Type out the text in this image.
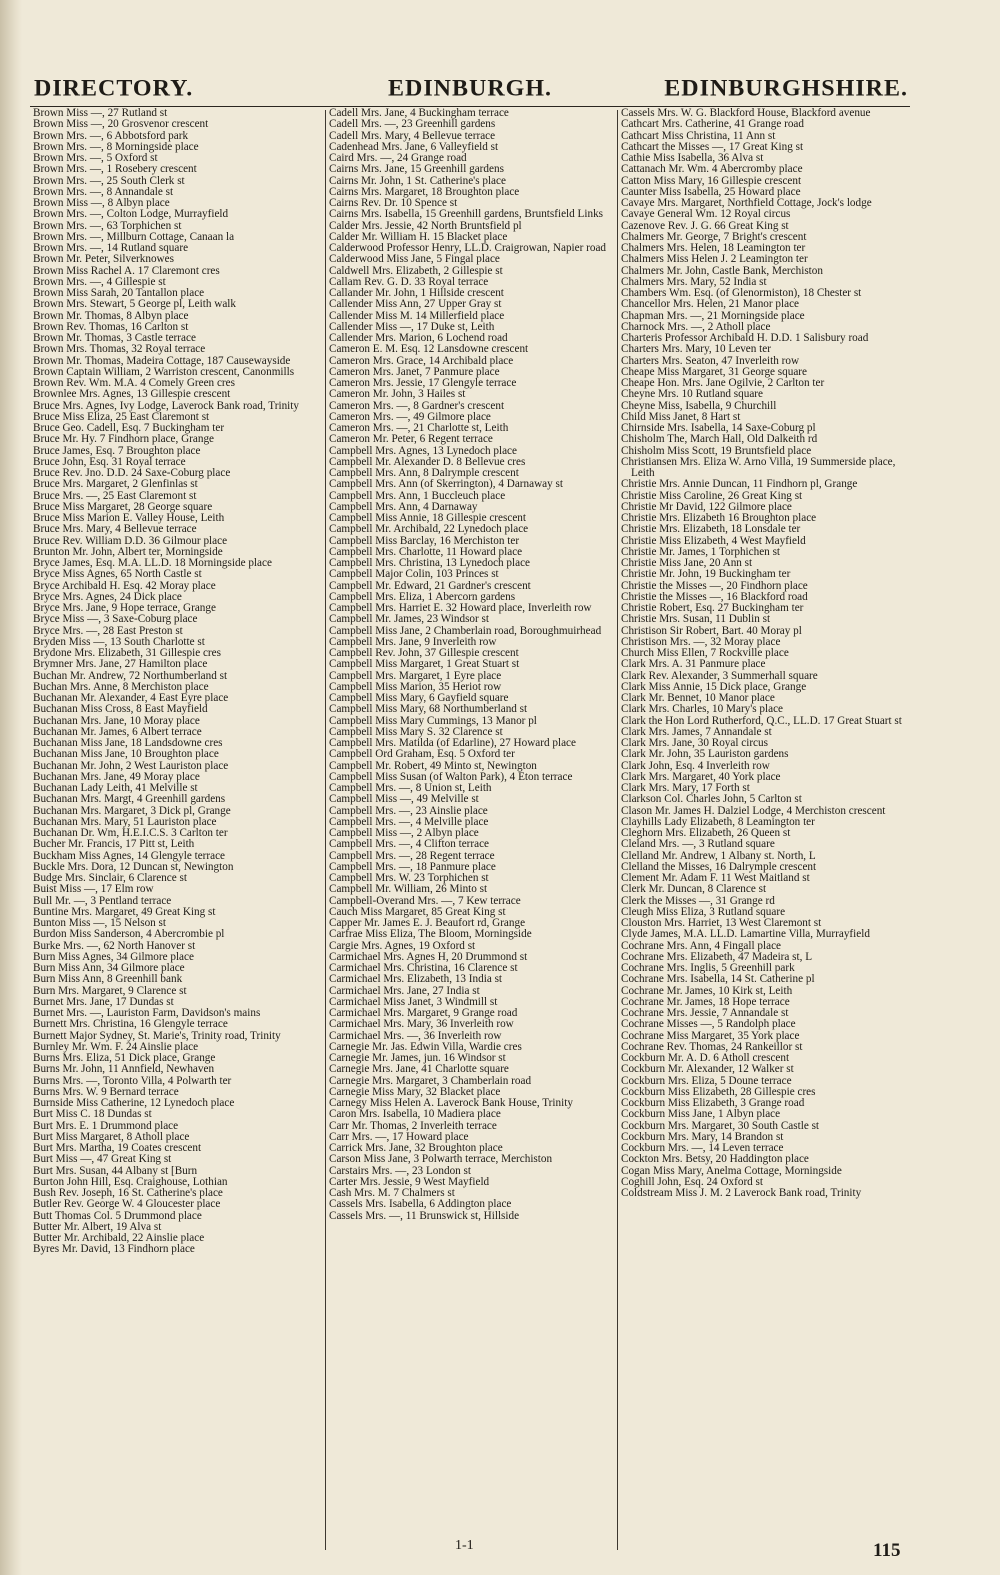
DIRECTORY.	EDINBURGH.	EDINBURGHSHIRE.
Brown Miss —, 27 Rutland st
Brown Miss —, 20 Grosvenor crescent
Brown Mrs. —, 6 Abbotsford park
Brown Mrs. —, 8 Morningside place
Brown Mrs. —, 5 Oxford st
Brown Mrs. —, 1 Rosebery crescent
Brown Mrs. —, 25 South Clerk st
Brown Mrs. —, 8 Annandale st
Brown Miss —, 8 Albyn place
Brown Mrs. —, Colton Lodge, Murrayfield
Brown Mrs. —, 63 Torphichen st
Brown Mrs. —, Millburn Cottage, Canaan la
Brown Mrs. —, 14 Rutland square
Brown Mr. Peter, Silverknowes
Brown Miss Rachel A. 17 Claremont cres
Brown Mrs. —, 4 Gillespie st
Brown Miss Sarah, 20 Tantallon place
Brown Mrs. Stewart, 5 George pl, Leith walk
Brown Mr. Thomas, 8 Albyn place
Brown Rev. Thomas, 16 Carlton st
Brown Mr. Thomas, 3 Castle terrace
Brown Mrs. Thomas, 32 Royal terrace
Brown Mr. Thomas, Madeira Cottage, 187 Causewayside
Brown Captain William, 2 Warriston crescent, Canonmills
Brown Rev. Wm. M.A. 4 Comely Green cres
Brownlee Mrs. Agnes, 13 Gillespie crescent
Bruce Mrs. Agnes, Ivy Lodge, Laverock Bank road, Trinity
Bruce Miss Eliza, 25 East Claremont st
Bruce Geo. Cadell, Esq. 7 Buckingham ter
Bruce Mr. Hy. 7 Findhorn place, Grange
Bruce James, Esq. 7 Broughton place
Bruce John, Esq. 31 Royal terrace
Bruce Rev. Jno. D.D. 24 Saxe-Coburg place
Bruce Mrs. Margaret, 2 Glenfinlas st
Bruce Mrs. —, 25 East Claremont st
Bruce Miss Margaret, 28 George square
Bruce Miss Marion E. Valley House, Leith
Bruce Mrs. Mary, 4 Bellevue terrace
Bruce Rev. William D.D. 36 Gilmour place
Brunton Mr. John, Albert ter, Morningside
Bryce James, Esq. M.A. LL.D. 18 Morningside place
Bryce Miss Agnes, 65 North Castle st
Bryce Archibald H. Esq. 42 Moray place
Bryce Mrs. Agnes, 24 Dick place
Bryce Mrs. Jane, 9 Hope terrace, Grange
Bryce Miss —, 3 Saxe-Coburg place
Bryce Mrs. —, 28 East Preston st
Bryden Miss —, 13 South Charlotte st
Brydone Mrs. Elizabeth, 31 Gillespie cres
Brymner Mrs. Jane, 27 Hamilton place
Buchan Mr. Andrew, 72 Northumberland st
Buchan Mrs. Anne, 8 Merchiston place
Buchanan Mr. Alexander, 4 East Eyre place
Buchanan Miss Cross, 8 East Mayfield
Buchanan Mrs. Jane, 10 Moray place
Buchanan Mr. James, 6 Albert terrace
Buchanan Miss Jane, 18 Landsdowne cres
Buchanan Miss Jane, 10 Broughton place
Buchanan Mr. John, 2 West Lauriston place
Buchanan Mrs. Jane, 49 Moray place
Buchanan Lady Leith, 41 Melville st
Buchanan Mrs. Margt, 4 Greenhill gardens
Buchanan Mrs. Margaret, 3 Dick pl, Grange
Buchanan Mrs. Mary, 51 Lauriston place
Buchanan Dr. Wm, H.E.I.C.S. 3 Carlton ter
Bucher Mr. Francis, 17 Pitt st, Leith
Buckham Miss Agnes, 14 Glengyle terrace
Buckle Mrs. Dora, 12 Duncan st, Newington
Budge Mrs. Sinclair, 6 Clarence st
Buist Miss —, 17 Elm row
Bull Mr. —, 3 Pentland terrace
Buntine Mrs. Margaret, 49 Great King st
Bunton Miss —, 15 Nelson st
Burdon Miss Sanderson, 4 Abercrombie pl
Burke Mrs. —, 62 North Hanover st
Burn Miss Agnes, 34 Gilmore place
Burn Miss Ann, 34 Gilmore place
Burn Miss Ann, 8 Greenhill bank
Burn Mrs. Margaret, 9 Clarence st
Burnet Mrs. Jane, 17 Dundas st
Burnet Mrs. —, Lauriston Farm, Davidson's mains
Burnett Mrs. Christina, 16 Glengyle terrace
Burnett Major Sydney, St. Marie's, Trinity road, Trinity
Burnley Mr. Wm. F. 24 Ainslie place
Burns Mrs. Eliza, 51 Dick place, Grange
Burns Mr. John, 11 Annfield, Newhaven
Burns Mrs. —, Toronto Villa, 4 Polwarth ter
Burns Mrs. W. 9 Bernard terrace
Burnside Miss Catherine, 12 Lynedoch place
Burt Miss C. 18 Dundas st
Burt Mrs. E. 1 Drummond place
Burt Miss Margaret, 8 Atholl place
Burt Mrs. Martha, 19 Coates crescent
Burt Miss —, 47 Great King st
Burt Mrs. Susan, 44 Albany st [Burn
Burton John Hill, Esq. Craighouse, Lothian
Bush Rev. Joseph, 16 St. Catherine's place
Butler Rev. George W. 4 Gloucester place
Butt Thomas Col. 5 Drummond place
Butter Mr. Albert, 19 Alva st
Butter Mr. Archibald, 22 Ainslie place
Byres Mr. David, 13 Findhorn place
Cadell Mrs. Jane, 4 Buckingham terrace
Cadell Mrs. —, 23 Greenhill gardens
Cadell Mrs. Mary, 4 Bellevue terrace
Cadenhead Mrs. Jane, 6 Valleyfield st
Caird Mrs. —, 24 Grange road
Cairns Mrs. Jane, 15 Greenhill gardens
Cairns Mr. John, 1 St. Catherine's place
Cairns Mrs. Margaret, 18 Broughton place
Cairns Rev. Dr. 10 Spence st
Cairns Mrs. Isabella, 15 Greenhill gardens, Bruntsfield Links
Calder Mrs. Jessie, 42 North Bruntsfield pl
Calder Mr. William H. 15 Blacket place
Calderwood Professor Henry, LL.D. Craigrowan, Napier road
Calderwood Miss Jane, 5 Fingal place
Caldwell Mrs. Elizabeth, 2 Gillespie st
Callam Rev. G. D. 33 Royal terrace
Callander Mr. John, 1 Hillside crescent
Callender Miss Ann, 27 Upper Gray st
Callender Miss M. 14 Millerfield place
Callender Miss —, 17 Duke st, Leith
Callender Mrs. Marion, 6 Lochend road
Cameron E. M. Esq. 12 Lansdowne crescent
Cameron Mrs. Grace, 14 Archibald place
Cameron Mrs. Janet, 7 Panmure place
Cameron Mrs. Jessie, 17 Glengyle terrace
Cameron Mr. John, 3 Hailes st
Cameron Mrs. —, 8 Gardner's crescent
Cameron Mrs. —, 49 Gilmore place
Cameron Mrs. —, 21 Charlotte st, Leith
Cameron Mr. Peter, 6 Regent terrace
Campbell Mrs. Agnes, 13 Lynedoch place
Campbell Mr. Alexander D. 8 Bellevue cres
Campbell Mrs. Ann, 8 Dalrymple crescent
Campbell Mrs. Ann (of Skerrington), 4 Darnaway st
Campbell Mrs. Ann, 1 Buccleuch place
Campbell Mrs. Ann, 4 Darnaway
Campbell Miss Annie, 18 Gillespie crescent
Campbell Mr. Archibald, 22 Lynedoch place
Campbell Miss Barclay, 16 Merchiston ter
Campbell Mrs. Charlotte, 11 Howard place
Campbell Mrs. Christina, 13 Lynedoch place
Campbell Major Colin, 103 Princes st
Campbell Mr. Edward, 21 Gardner's crescent
Campbell Mrs. Eliza, 1 Abercorn gardens
Campbell Mrs. Harriet E. 32 Howard place, Inverleith row
Campbell Mr. James, 23 Windsor st
Campbell Miss Jane, 2 Chamberlain road, Boroughmuirhead
Campbell Mrs. Jane, 9 Inverleith row
Campbell Rev. John, 37 Gillespie crescent
Campbell Miss Margaret, 1 Great Stuart st
Campbell Mrs. Margaret, 1 Eyre place
Campbell Miss Marion, 35 Heriot row
Campbell Miss Mary, 6 Gayfield square
Campbell Miss Mary, 68 Northumberland st
Campbell Miss Mary Cummings, 13 Manor pl
Campbell Miss Mary S. 32 Clarence st
Campbell Mrs. Matilda (of Edarline), 27 Howard place
Campbell Ord Graham, Esq. 5 Oxford ter
Campbell Mr. Robert, 49 Minto st, Newington
Campbell Miss Susan (of Walton Park), 4 Eton terrace
Campbell Mrs. —, 8 Union st, Leith
Campbell Miss —, 49 Melville st
Campbell Mrs. —, 23 Ainslie place
Campbell Mrs. —, 4 Melville place
Campbell Miss —, 2 Albyn place
Campbell Mrs. —, 4 Clifton terrace
Campbell Mrs. —, 28 Regent terrace
Campbell Mrs. —, 18 Panmure place
Campbell Mrs. W. 23 Torphichen st
Campbell Mr. William, 26 Minto st
Campbell-Overand Mrs. —, 7 Kew terrace
Cauch Miss Margaret, 85 Great King st
Capper Mr. James E. J. Beaufort rd, Grange
Carfrae Miss Eliza, The Bloom, Morningside
Cargie Mrs. Agnes, 19 Oxford st
Carmichael Mrs. Agnes H, 20 Drummond st
Carmichael Mrs. Christina, 16 Clarence st
Carmichael Mrs. Elizabeth, 13 India st
Carmichael Mrs. Jane, 27 India st
Carmichael Miss Janet, 3 Windmill st
Carmichael Mrs. Margaret, 9 Grange road
Carmichael Mrs. Mary, 36 Inverleith row
Carmichael Mrs. —, 36 Inverleith row
Carnegie Mr. Jas. Edwin Villa, Wardie cres
Carnegie Mr. James, jun. 16 Windsor st
Carnegie Mrs. Jane, 41 Charlotte square
Carnegie Mrs. Margaret, 3 Chamberlain road
Carnegie Miss Mary, 32 Blacket place
Carnegy Miss Helen A. Laverock Bank House, Trinity
Caron Mrs. Isabella, 10 Madiera place
Carr Mr. Thomas, 2 Inverleith terrace
Carr Mrs. —, 17 Howard place
Carrick Mrs. Jane, 32 Broughton place
Carson Miss Jane, 3 Polwarth terrace, Merchiston
Carstairs Mrs. —, 23 London st
Carter Mrs. Jessie, 9 West Mayfield
Cash Mrs. M. 7 Chalmers st
Cassels Mrs. Isabella, 6 Addington place
Cassels Mrs. —, 11 Brunswick st, Hillside
Cassels Mrs. W. G. Blackford House, Blackford avenue
Cathcart Mrs. Catherine, 41 Grange road
Cathcart Miss Christina, 11 Ann st
Cathcart the Misses —, 17 Great King st
Cathie Miss Isabella, 36 Alva st
Cattanach Mr. Wm. 4 Abercromby place
Catton Miss Mary, 16 Gillespie crescent
Caunter Miss Isabella, 25 Howard place
Cavaye Mrs. Margaret, Northfield Cottage, Jock's lodge
Cavaye General Wm. 12 Royal circus
Cazenove Rev. J. G. 66 Great King st
Chalmers Mr. George, 7 Bright's crescent
Chalmers Mrs. Helen, 18 Leamington ter
Chalmers Miss Helen J. 2 Leamington ter
Chalmers Mr. John, Castle Bank, Merchiston
Chalmers Mrs. Mary, 52 India st
Chambers Wm. Esq. (of Glenormiston), 18 Chester st
Chancellor Mrs. Helen, 21 Manor place
Chapman Mrs. —, 21 Morningside place
Charnock Mrs. —, 2 Atholl place
Charteris Professor Archibald H. D.D. 1 Salisbury road
Charters Mrs. Mary, 10 Leven ter
Charters Mrs. Seaton, 47 Inverleith row
Cheape Miss Margaret, 31 George square
Cheape Hon. Mrs. Jane Ogilvie, 2 Carlton ter
Cheyne Mrs. 10 Rutland square
Cheyne Miss, Isabella, 9 Churchill
Child Miss Janet, 8 Hart st
Chirnside Mrs. Isabella, 14 Saxe-Coburg pl
Chisholm The, March Hall, Old Dalkeith rd
Chisholm Miss Scott, 19 Bruntsfield place
Christiansen Mrs. Eliza W. Arno Villa, 19 Summerside place, Leith
Christie Mrs. Annie Duncan, 11 Findhorn pl, Grange
Christie Miss Caroline, 26 Great King st
Christie Mr David, 122 Gilmore place
Christie Mrs. Elizabeth 16 Broughton place
Christie Mrs. Elizabeth, 18 Lonsdale ter
Christie Miss Elizabeth, 4 West Mayfield
Christie Mr. James, 1 Torphichen st
Christie Miss Jane, 20 Ann st
Christie Mr. John, 19 Buckingham ter
Christie the Misses —, 20 Findhorn place
Christie the Misses —, 16 Blackford road
Christie Robert, Esq. 27 Buckingham ter
Christie Mrs. Susan, 11 Dublin st
Christison Sir Robert, Bart. 40 Moray pl
Christison Mrs. —, 32 Moray place
Church Miss Ellen, 7 Rockville place
Clark Mrs. A. 31 Panmure place
Clark Rev. Alexander, 3 Summerhall square
Clark Miss Annie, 15 Dick place, Grange
Clark Mr. Bennet, 10 Manor place
Clark Mrs. Charles, 10 Mary's place
Clark the Hon Lord Rutherford, Q.C., LL.D. 17 Great Stuart st
Clark Mrs. James, 7 Annandale st
Clark Mrs. Jane, 30 Royal circus
Clark Mr. John, 35 Lauriston gardens
Clark John, Esq. 4 Inverleith row
Clark Mrs. Margaret, 40 York place
Clark Mrs. Mary, 17 Forth st
Clarkson Col. Charles John, 5 Carlton st
Clason Mr. James H. Dalziel Lodge, 4 Merchiston crescent
Clayhills Lady Elizabeth, 8 Leamington ter
Cleghorn Mrs. Elizabeth, 26 Queen st
Cleland Mrs. —, 3 Rutland square
Clelland Mr. Andrew, 1 Albany st. North, L
Clelland the Misses, 16 Dalrymple crescent
Clement Mr. Adam F. 11 West Maitland st
Clerk Mr. Duncan, 8 Clarence st
Clerk the Misses —, 31 Grange rd
Cleugh Miss Eliza, 3 Rutland square
Clouston Mrs. Harriet, 13 West Claremont st
Clyde James, M.A. LL.D. Lamartine Villa, Murrayfield
Cochrane Mrs. Ann, 4 Fingall place
Cochrane Mrs. Elizabeth, 47 Madeira st, L
Cochrane Mrs. Inglis, 5 Greenhill park
Cochrane Mrs. Isabella, 14 St. Catherine pl
Cochrane Mr. James, 10 Kirk st, Leith
Cochrane Mr. James, 18 Hope terrace
Cochrane Mrs. Jessie, 7 Annandale st
Cochrane Misses —, 5 Randolph place
Cochrane Miss Margaret, 35 York place
Cochrane Rev. Thomas, 24 Rankeillor st
Cockburn Mr. A. D. 6 Atholl crescent
Cockburn Mr. Alexander, 12 Walker st
Cockburn Mrs. Eliza, 5 Doune terrace
Cockburn Miss Elizabeth, 28 Gillespie cres
Cockburn Miss Elizabeth, 3 Grange road
Cockburn Miss Jane, 1 Albyn place
Cockburn Mrs. Margaret, 30 South Castle st
Cockburn Mrs. Mary, 14 Brandon st
Cockburn Mrs. —, 14 Leven terrace
Cockton Mrs. Betsy, 20 Haddington place
Cogan Miss Mary, Anelma Cottage, Morningside
Coghill John, Esq. 24 Oxford st
Coldstream Miss J. M. 2 Laverock Bank road, Trinity
1-1	115
